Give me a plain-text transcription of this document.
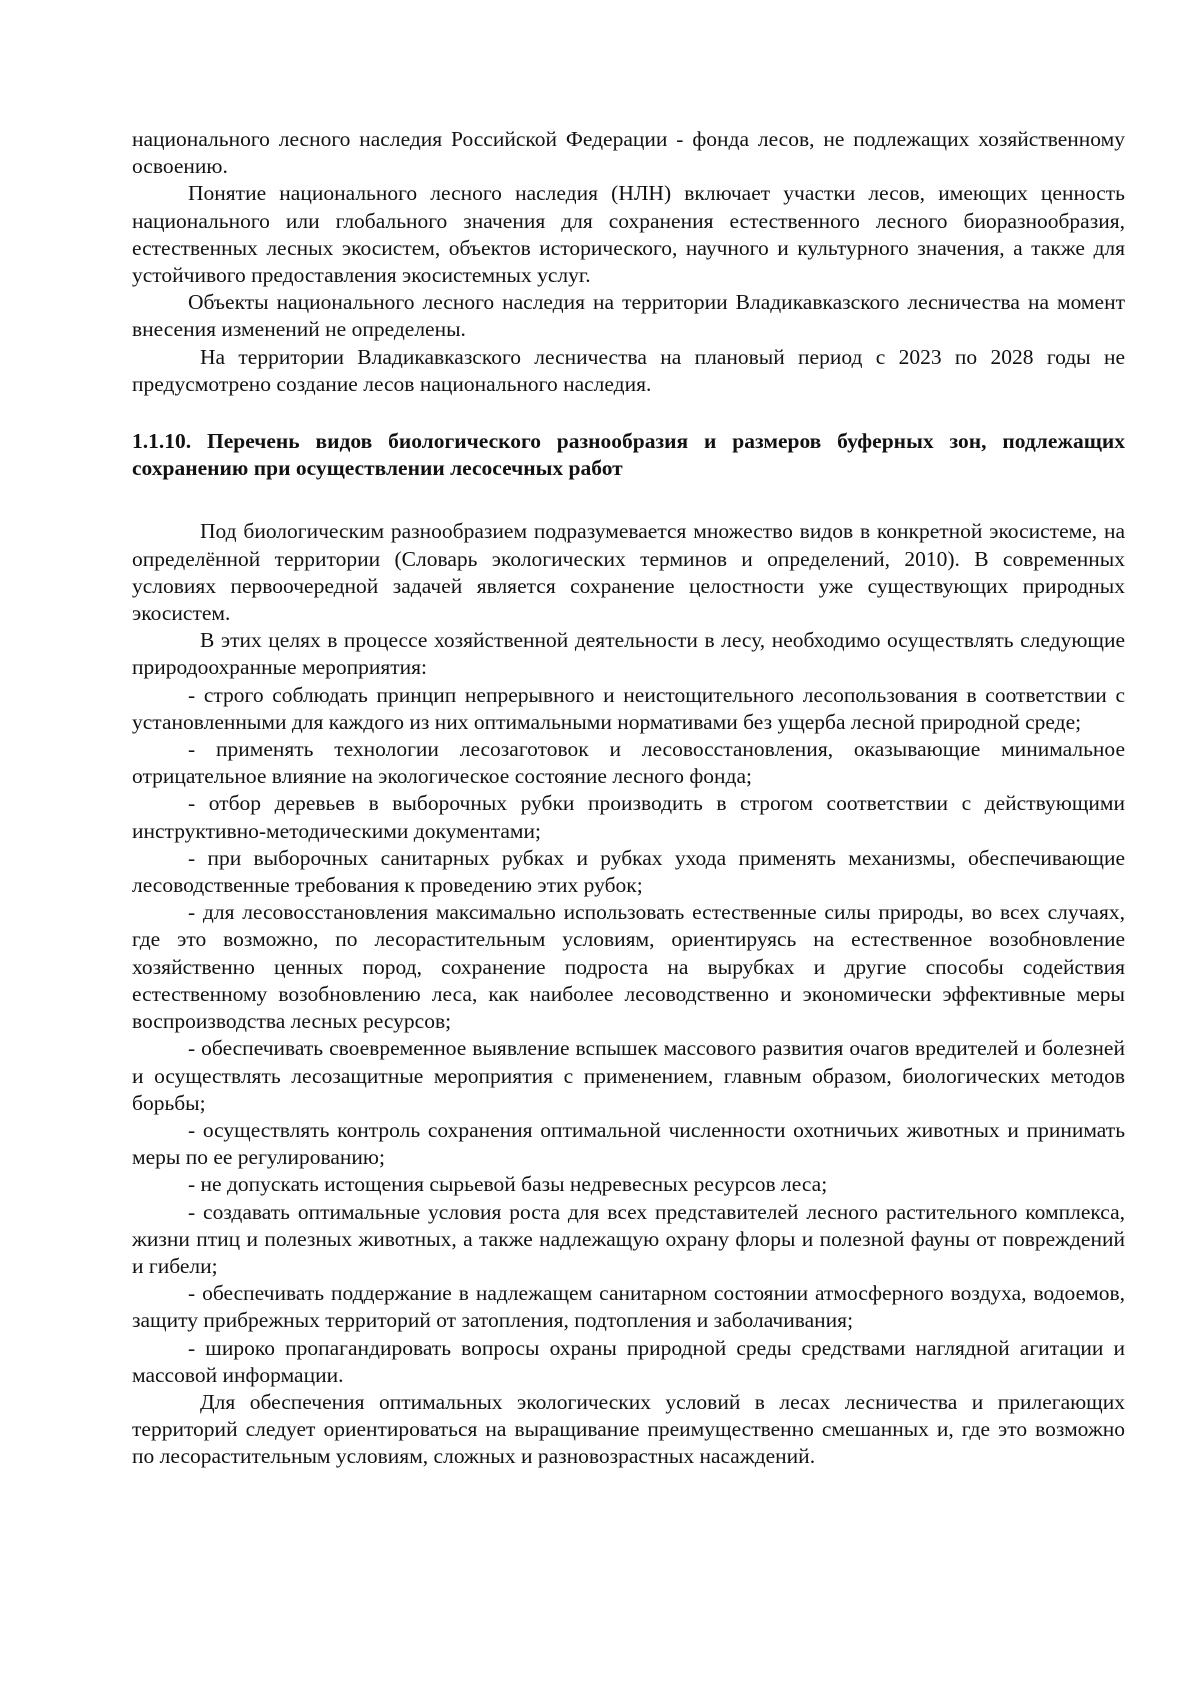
национального лесного наследия Российской Федерации - фонда лесов, не подлежащих хозяйственному освоению.

Понятие национального лесного наследия (НЛН) включает участки лесов, имеющих ценность национального или глобального значения для сохранения естественного лесного биоразнообразия, естественных лесных экосистем, объектов исторического, научного и культурного значения, а также для устойчивого предоставления экосистемных услуг.

Объекты национального лесного наследия на территории Владикавказского лесничества на момент внесения изменений не определены.

На территории Владикавказского лесничества на плановый период с 2023 по 2028 годы не предусмотрено создание лесов национального наследия.

1.1.10. Перечень видов биологического разнообразия и размеров буферных зон, подлежащих сохранению при осуществлении лесосечных работ

Под биологическим разнообразием подразумевается множество видов в конкретной экосистеме, на определённой территории (Словарь экологических терминов и определений, 2010). В современных условиях первоочередной задачей является сохранение целостности уже существующих природных экосистем.

В этих целях в процессе хозяйственной деятельности в лесу, необходимо осуществлять следующие природоохранные мероприятия:

- строго соблюдать принцип непрерывного и неистощительного лесопользования в соответствии с установленными для каждого из них оптимальными нормативами без ущерба лесной природной среде;

- применять технологии лесозаготовок и лесовосстановления, оказывающие минимальное отрицательное влияние на экологическое состояние лесного фонда;

- отбор деревьев в выборочных рубки производить в строгом соответствии с действующими инструктивно-методическими документами;

- при выборочных санитарных рубках и рубках ухода применять механизмы, обеспечивающие лесоводственные требования к проведению этих рубок;

- для лесовосстановления максимально использовать естественные силы природы, во всех случаях, где это возможно, по лесорастительным условиям, ориентируясь на естественное возобновление хозяйственно ценных пород, сохранение подроста на вырубках и другие способы содействия естественному возобновлению леса, как наиболее лесоводственно и экономически эффективные меры воспроизводства лесных ресурсов;

- обеспечивать своевременное выявление вспышек массового развития очагов вредителей и болезней и осуществлять лесозащитные мероприятия с применением, главным образом, биологических методов борьбы;

- осуществлять контроль сохранения оптимальной численности охотничьих животных и принимать меры по ее регулированию;

- не допускать истощения сырьевой базы недревесных ресурсов леса;

- создавать оптимальные условия роста для всех представителей лесного растительного комплекса, жизни птиц и полезных животных, а также надлежащую охрану флоры и полезной фауны от повреждений и гибели;

- обеспечивать поддержание в надлежащем санитарном состоянии атмосферного воздуха, водоемов, защиту прибрежных территорий от затопления, подтопления и заболачивания;

- широко пропагандировать вопросы охраны природной среды средствами наглядной агитации и массовой информации.

Для обеспечения оптимальных экологических условий в лесах лесничества и прилегающих территорий следует ориентироваться на выращивание преимущественно смешанных и, где это возможно по лесорастительным условиям, сложных и разновозрастных насаждений.
